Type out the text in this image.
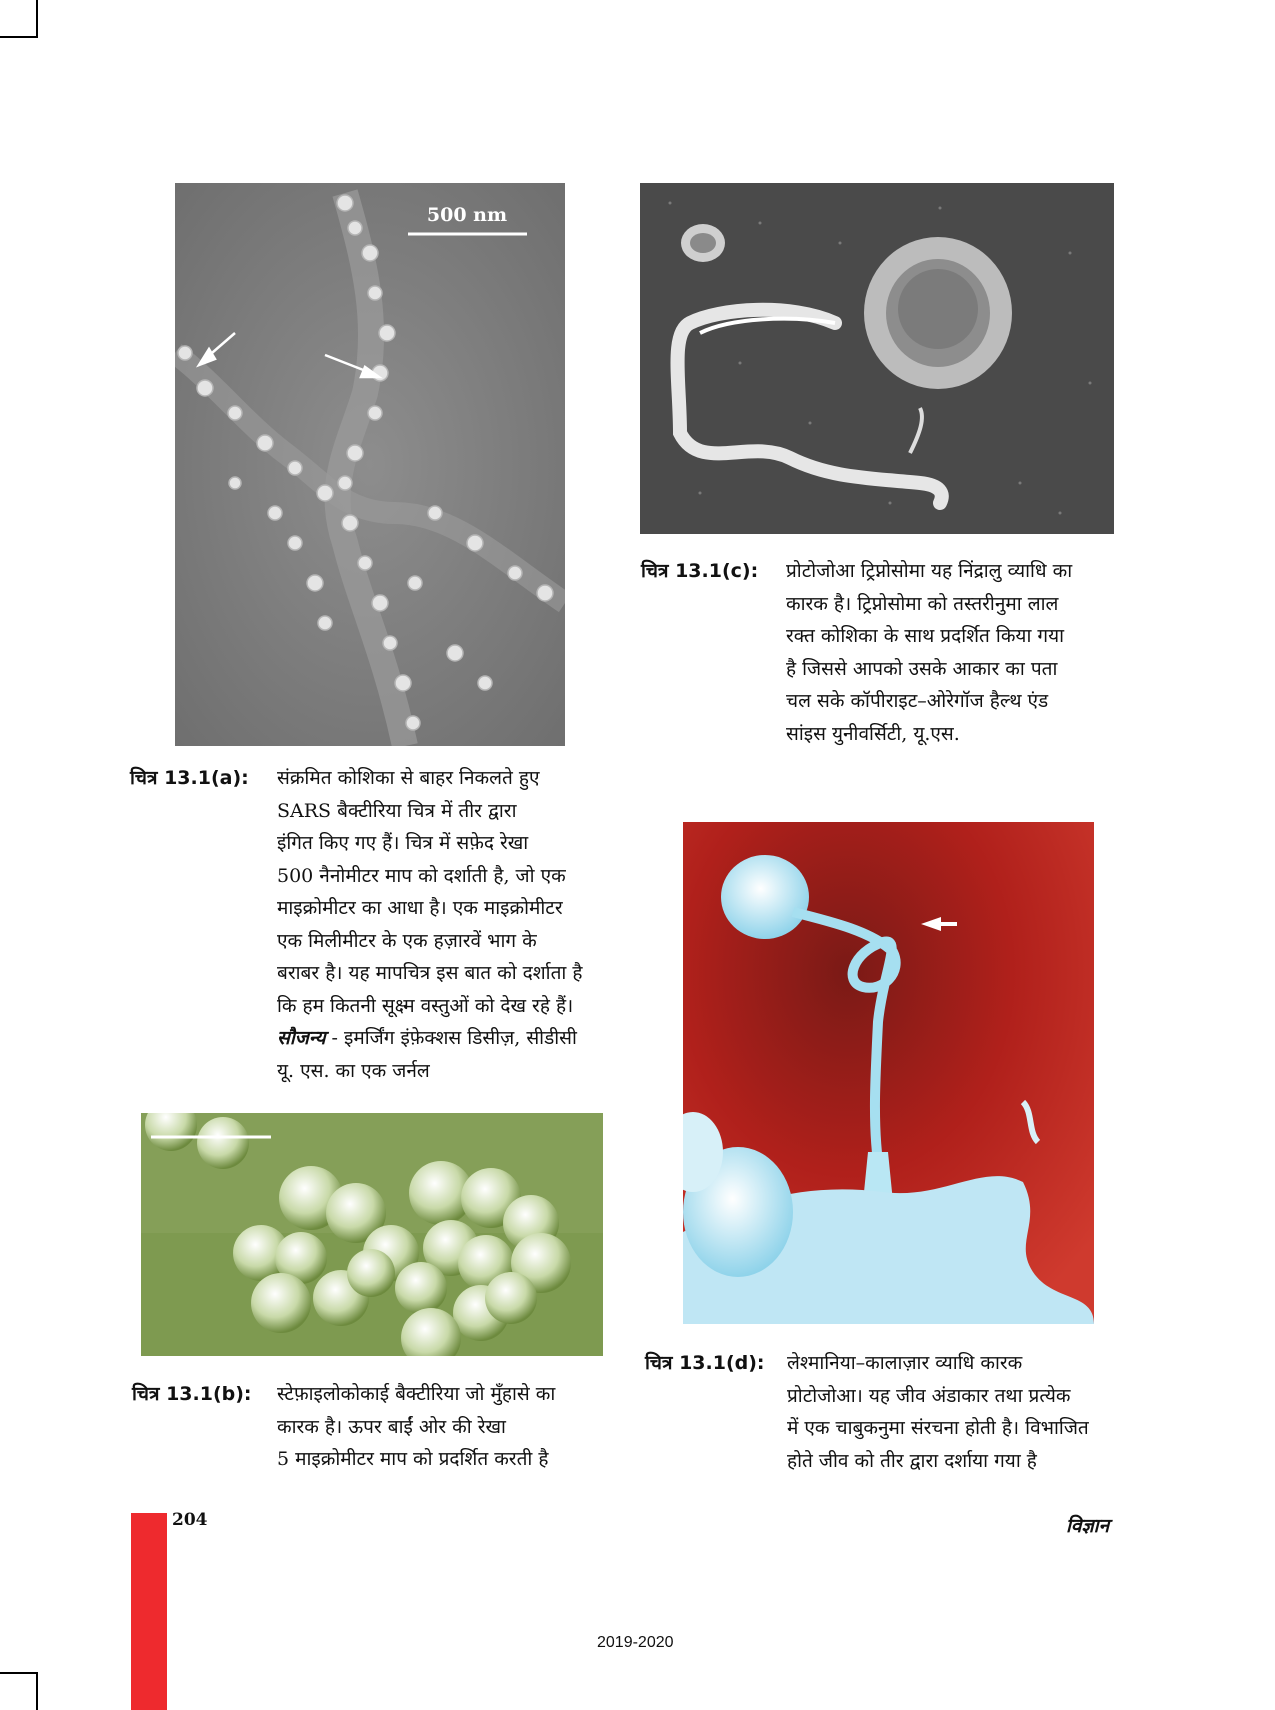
500 nm
चित्र 13.1(a): संक्रमित कोशिका से बाहर निकलते हुए
SARS बैक्टीरिया चित्र में तीर द्वारा
इंगित किए गए हैं। चित्र में सफ़ेद रेखा
500 नैनोमीटर माप को दर्शाती है, जो एक
माइक्रोमीटर का आधा है। एक माइक्रोमीटर
एक मिलीमीटर के एक हज़ारवें भाग के
बराबर है। यह मापचित्र इस बात को दर्शाता है
कि हम कितनी सूक्ष्म वस्तुओं को देख रहे हैं।
सौजन्य - इमर्जिंग इंफ़ेक्शस डिसीज़, सीडीसी
यू. एस. का एक जर्नल
चित्र 13.1(c): प्रोटोजोआ ट्रिप्नोसोमा यह निंद्रालु व्याधि का
कारक है। ट्रिप्नोसोमा को तस्तरीनुमा लाल
रक्त कोशिका के साथ प्रदर्शित किया गया
है जिससे आपको उसके आकार का पता
चल सके कॉपीराइट–ओरेगॉज हैल्थ एंड
सांइस युनीवर्सिटी, यू.एस.
चित्र 13.1(b): स्टेफ़ाइलोकोकाई बैक्टीरिया जो मुँहासे का
कारक है। ऊपर बाईं ओर की रेखा
5 माइक्रोमीटर माप को प्रदर्शित करती है
चित्र 13.1(d): लेश्मानिया–कालाज़ार व्याधि कारक
प्रोटोजोआ। यह जीव अंडाकार तथा प्रत्येक
में एक चाबुकनुमा संरचना होती है। विभाजित
होते जीव को तीर द्वारा दर्शाया गया है
204	विज्ञान
2019-2020
